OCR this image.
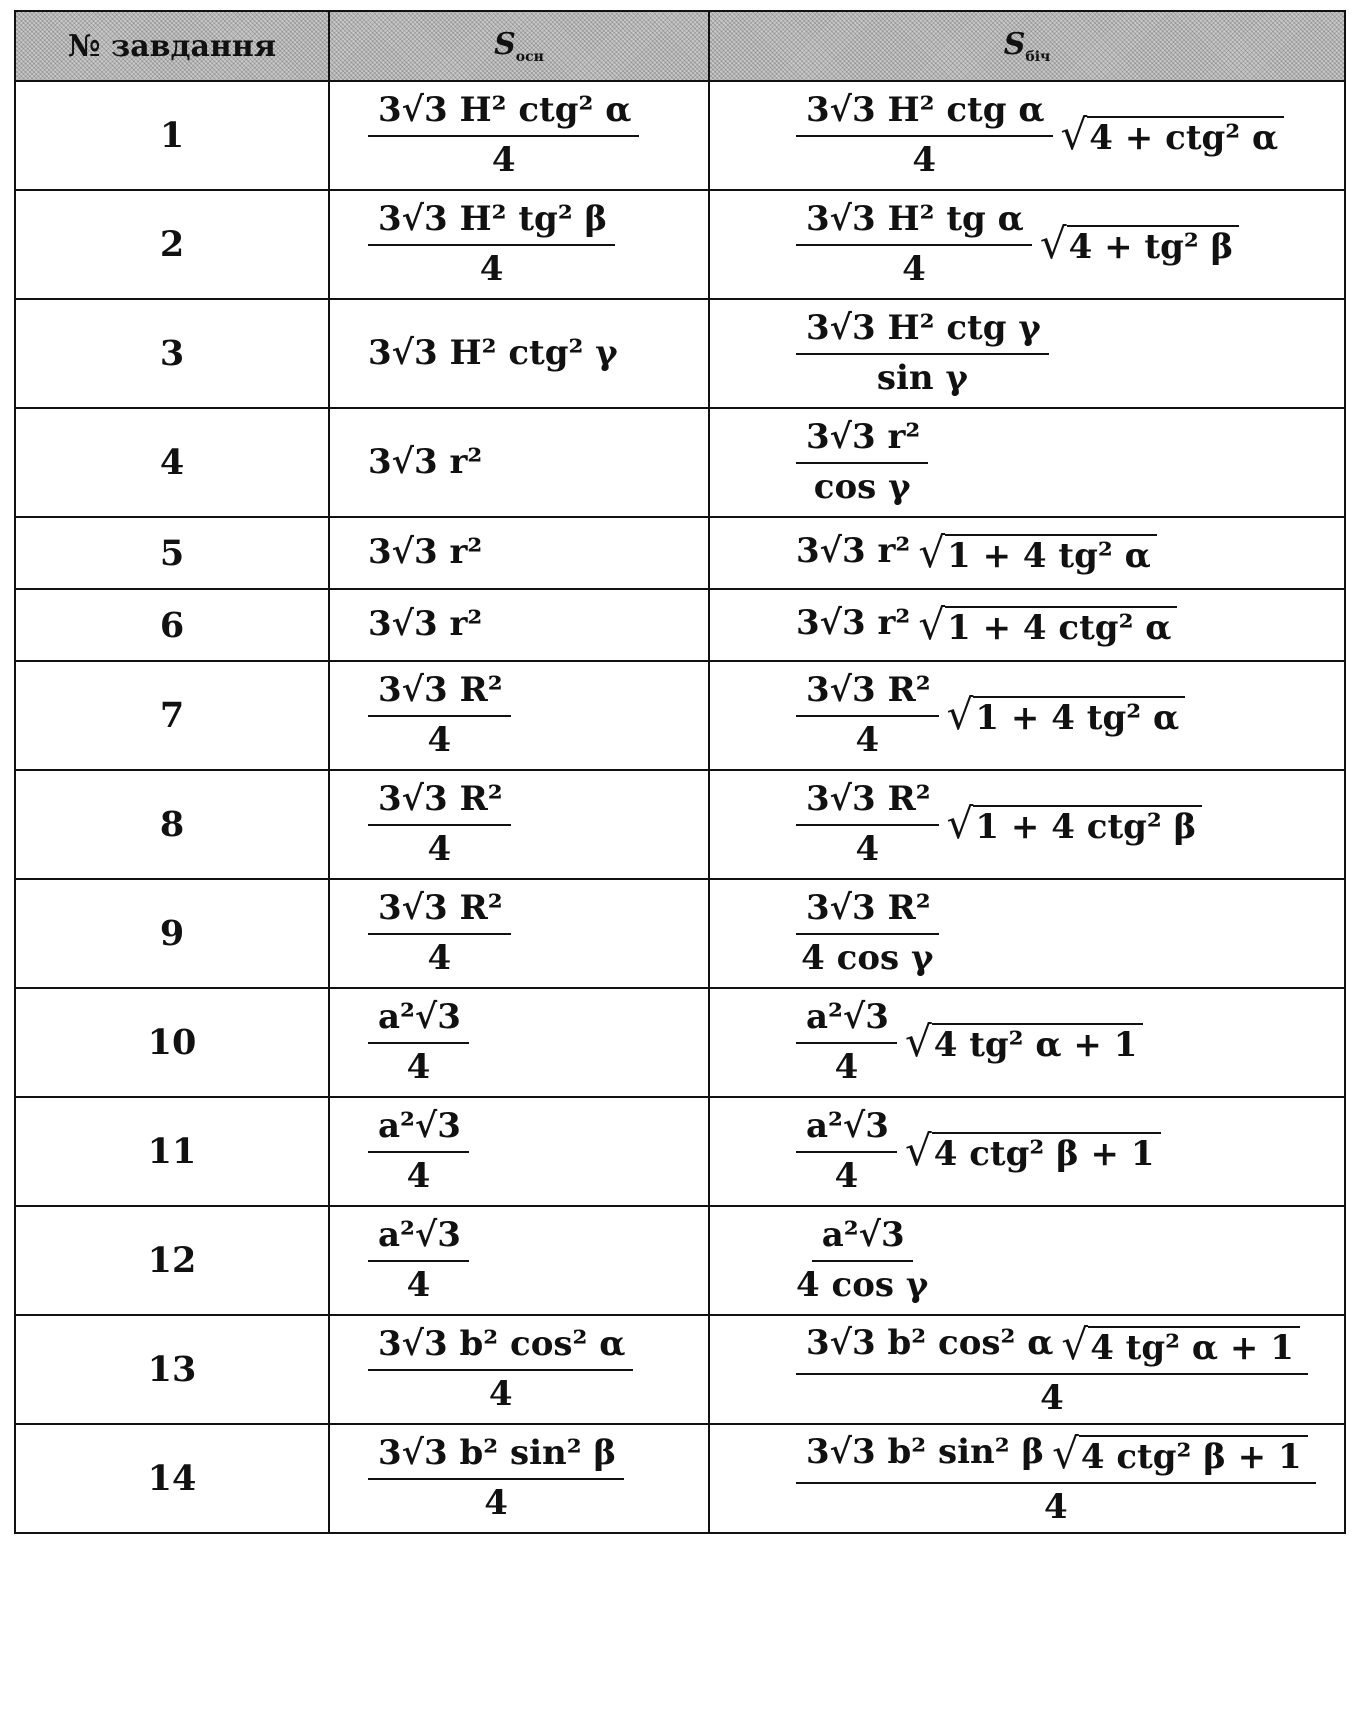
№ завдання	$S_{осн}$	$S_{біч}$
1	$\frac{\text{3√3 H² ctg² α}}{4}$	$\frac{\text{3√3 H² ctg α}}{4} √4 + ctg^2$ α

2	$\frac{\text{3√3 H² tg² β}}{4}$	$\frac{\text{3√3 H² tg α}}{4} √4 + tg^2$ β

3	3√3 H² ctg² γ	$\frac{\text{3√3 H² ctg γ}}{\text{sin γ}}$

4	3√3 r²	$\frac{\text{3√3 r²}}{\text{cos γ}}$

5	3√3 r²	3√3 r² √1 + 4 tg² α

6	3√3 r²	3√3 r² √1 + 4 ctg² α

7	$\frac{\text{3√3 R²}}{4}$	$\frac{\text{3√3 R²}}{4} √1 + 4$ tg² α

8	$\frac{\text{3√3 R²}}{4}$	$\frac{\text{3√3 R²}}{4} √1 + 4$ ctg² β

9	$\frac{\text{3√3 R²}}{4}$	$\frac{\text{3√3 R²}}{\text{4 cos γ}}$

10	$\frac{\text{a²√3}}{4}$	$\frac{\text{a²√3}}{4} √4$ tg² α + 1

11	$\frac{\text{a²√3}}{4}$	$\frac{\text{a²√3}}{4} √4$ ctg² β + 1

12	$\frac{\text{a²√3}}{4}$	$\frac{\text{a²√3}}{\text{4 cos γ}}$

13	$\frac{\text{3√3 b² cos² α}}{4}$	$\frac{\text{3√3 b² cos² α √4 tg² α + 1}}{4}$

14	$\frac{\text{3√3 b² sin² β}}{4}$	$\frac{\text{3√3 b² sin² β √4 ctg² β + 1}}{4}$
